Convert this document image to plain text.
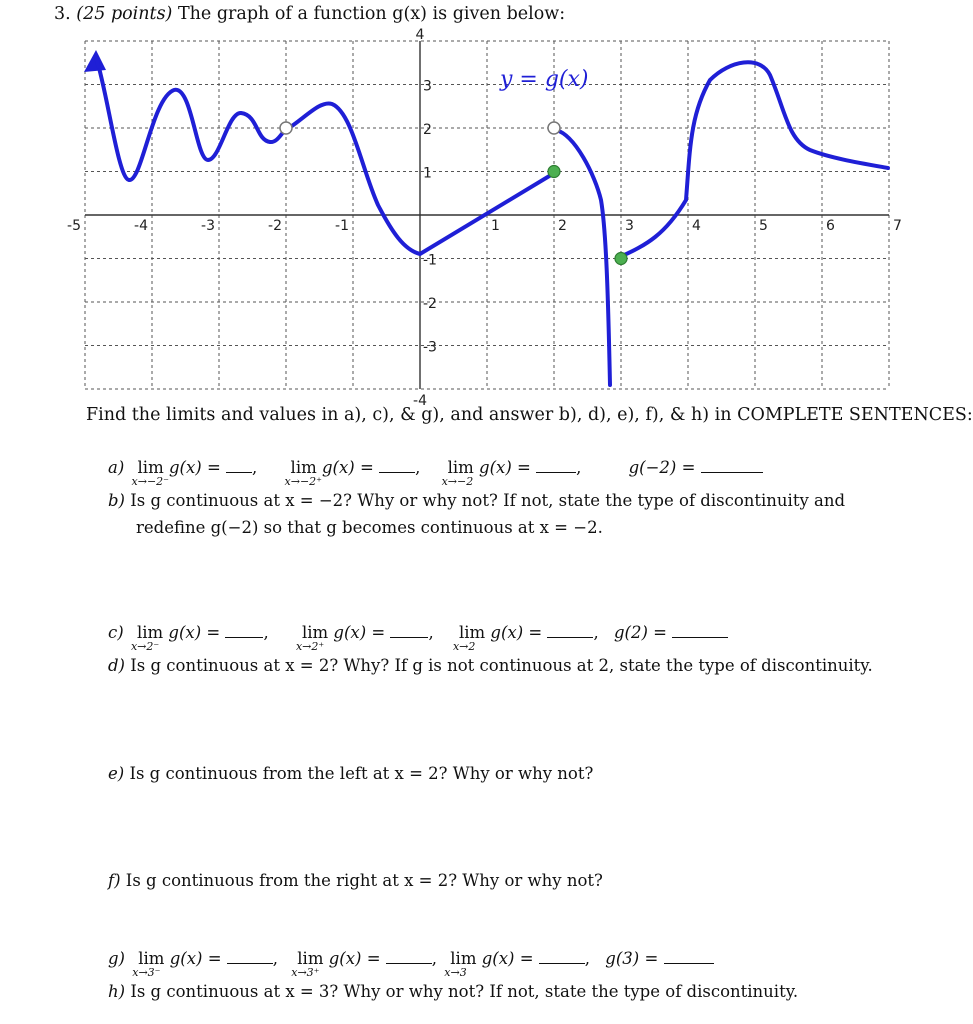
3. (25 points) The graph of a function g(x) is given below:
-5	-4	-3	-2	-1	1	2	3	4	5	6	7
4
3
2
1
-1
-2
-3
-4
y = g(x)
Find the limits and values in a), c), & g), and answer b), d), e), f), & h) in COMPLETE SENTENCES:
a) lim
x→−2⁻
g(x) = , lim
x→−2⁺
g(x) = , lim
x→−2
g(x) = ,	g(−2) =
b) Is g continuous at x = −2? Why or why not? If not, state the type of discontinuity and
redefine g(−2) so that g becomes continuous at x = −2.
c) lim
x→2⁻
g(x) = , lim
x→2⁺
g(x) = , lim
x→2
g(x) =	, g(2) =
d) Is g continuous at x = 2? Why? If g is not continuous at 2, state the type of discontinuity.
e) Is g continuous from the left at x = 2? Why or why not?
f) Is g continuous from the right at x = 2? Why or why not?
g) lim
x→3⁻
g(x) =	, lim
x→3⁺
g(x) =	, lim
x→3
g(x) =	, g(3) =
h) Is g continuous at x = 3? Why or why not? If not, state the type of discontinuity.
